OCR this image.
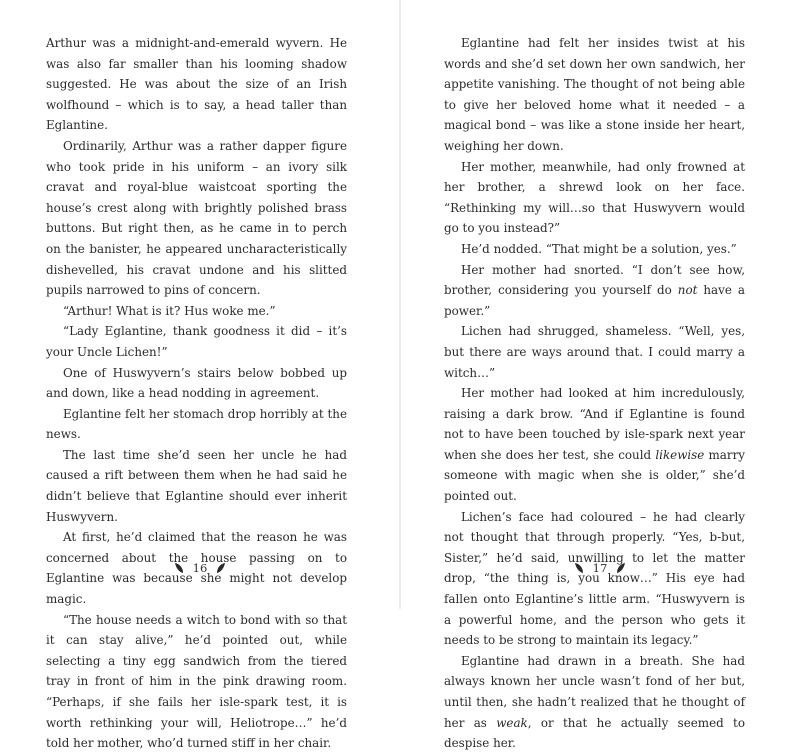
Arthur was a midnight-and-emerald wyvern. He was also far smaller than his looming shadow suggested. He was about the size of an Irish wolfhound – which is to say, a head taller than Eglantine.

Ordinarily, Arthur was a rather dapper figure who took pride in his uniform – an ivory silk cravat and royal-blue waistcoat sporting the house’s crest along with brightly polished brass buttons. But right then, as he came in to perch on the banister, he appeared uncharacteristically dishevelled, his cravat undone and his slitted pupils narrowed to pins of concern.

“Arthur! What is it? Hus woke me.”

“Lady Eglantine, thank goodness it did – it’s your Uncle Lichen!”

One of Huswyvern’s stairs below bobbed up and down, like a head nodding in agreement.

Eglantine felt her stomach drop horribly at the news.

The last time she’d seen her uncle he had caused a rift between them when he had said he didn’t believe that Eglantine should ever inherit Huswyvern.

At first, he’d claimed that the reason he was concerned about the house passing on to Eglantine was because she might not develop magic.

“The house needs a witch to bond with so that it can stay alive,” he’d pointed out, while selecting a tiny egg sandwich from the tiered tray in front of him in the pink drawing room. “Perhaps, if she fails her isle-spark test, it is worth rethinking your will, Heliotrope…” he’d told her mother, who’d turned stiff in her chair.

16

Eglantine had felt her insides twist at his words and she’d set down her own sandwich, her appetite vanishing. The thought of not being able to give her beloved home what it needed – a magical bond – was like a stone inside her heart, weighing her down.

Her mother, meanwhile, had only frowned at her brother, a shrewd look on her face. “Rethinking my will…so that Huswyvern would go to you instead?”

He’d nodded. “That might be a solution, yes.”

Her mother had snorted. “I don’t see how, brother, considering you yourself do not have a power.”

Lichen had shrugged, shameless. “Well, yes, but there are ways around that. I could marry a witch…”

Her mother had looked at him incredulously, raising a dark brow. “And if Eglantine is found not to have been touched by isle-spark next year when she does her test, she could likewise marry someone with magic when she is older,” she’d pointed out.

Lichen’s face had coloured – he had clearly not thought that through properly. “Yes, b-but, Sister,” he’d said, unwilling to let the matter drop, “the thing is, you know…” His eye had fallen onto Eglantine’s little arm. “Huswyvern is a powerful home, and the person who gets it needs to be strong to maintain its legacy.”

Eglantine had drawn in a breath. She had always known her uncle wasn’t fond of her but, until then, she hadn’t realized that he thought of her as weak, or that he actually seemed to despise her.

17
